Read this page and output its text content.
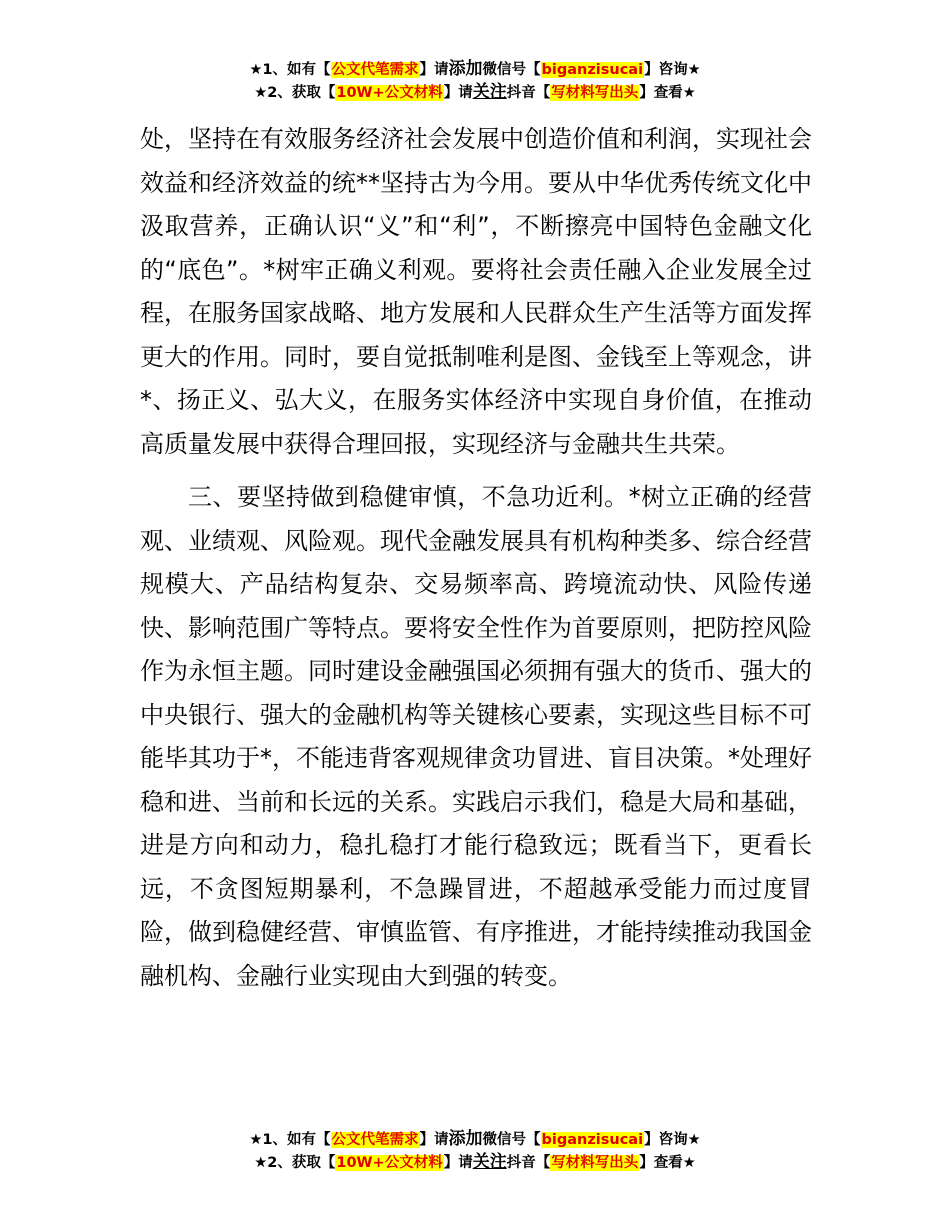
★1、如有【公文代笔需求】请添加微信号【biganzisucai】咨询★
★2、获取【10W+公文材料】请关注抖音【写材料写出头】查看★

处，坚持在有效服务经济社会发展中创造价值和利润，实现社会效益和经济效益的统**坚持古为今用。要从中华优秀传统文化中汲取营养，正确认识“义”和“利”，不断擦亮中国特色金融文化的“底色”。*树牢正确义利观。要将社会责任融入企业发展全过程，在服务国家战略、地方发展和人民群众生产生活等方面发挥更大的作用。同时，要自觉抵制唯利是图、金钱至上等观念，讲*、扬正义、弘大义，在服务实体经济中实现自身价值，在推动高质量发展中获得合理回报，实现经济与金融共生共荣。

三、要坚持做到稳健审慎，不急功近利。*树立正确的经营观、业绩观、风险观。现代金融发展具有机构种类多、综合经营规模大、产品结构复杂、交易频率高、跨境流动快、风险传递快、影响范围广等特点。要将安全性作为首要原则，把防控风险作为永恒主题。同时建设金融强国必须拥有强大的货币、强大的中央银行、强大的金融机构等关键核心要素，实现这些目标不可能毕其功于*，不能违背客观规律贪功冒进、盲目决策。*处理好稳和进、当前和长远的关系。实践启示我们，稳是大局和基础，进是方向和动力，稳扎稳打才能行稳致远；既看当下，更看长远，不贪图短期暴利，不急躁冒进，不超越承受能力而过度冒险，做到稳健经营、审慎监管、有序推进，才能持续推动我国金融机构、金融行业实现由大到强的转变。

★1、如有【公文代笔需求】请添加微信号【biganzisucai】咨询★
★2、获取【10W+公文材料】请关注抖音【写材料写出头】查看★
